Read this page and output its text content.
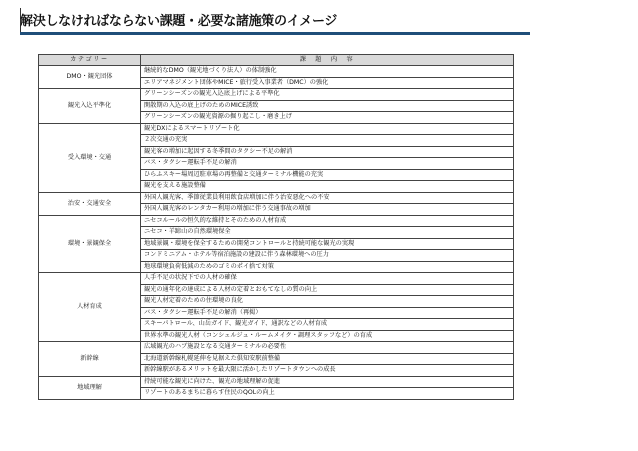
解決しなければならない課題・必要な諸施策のイメージ
カテゴリー	課　題　内　容
DMO・観光団体	継続的なDMO（観光地づくり法人）の体制強化
	エリアマネジメント団体やMICE・旅行受入事業者（DMC）の強化
観光入込平準化	グリーンシーズンの観光入込底上げによる平準化
	閑散期の入込の底上げのためのMICE誘致
	グリーンシーズンの観光資源の掘り起こし・磨き上げ
受入環境・交通	観光DXによるスマートリゾート化
	２次交通の充実
	観光客の増加に起因する冬季間のタクシー不足の解消
	バス・タクシー運転手不足の解消
	ひらふスキー場周辺駐車場の再整備と交通ターミナル機能の充実
	観光を支える施設整備
治安・交通安全	外国人観光客、季節従業員利用飲食店増加に伴う治安悪化への不安
	外国人観光客のレンタカー利用の増加に伴う交通事故の増加
環境・景観保全	ニセコルールの恒久的な維持とそのための人材育成
	ニセコ・羊蹄山の自然環境保全
	地域景観・環境を保全するための開発コントロールと持続可能な観光の実現
	コンドミニアム・ホテル等宿泊施設の建設に伴う森林環境への圧力
	地球環境負荷低減のためのゴミのポイ捨て対策
人材育成	人手不足の状況下での人材の確保
	観光の通年化の達成による人材の定着とおもてなしの質の向上
	観光人材定着のための住環境の良化
	バス・タクシー運転手不足の解消（再掲）
	スキーパトロール、山岳ガイド、観光ガイド、通訳などの人材育成
	世界水準の観光人材（コンシェルジュ・ルームメイク・調理スタッフなど）の育成
新幹線	広域観光のハブ施設となる交通ターミナルの必要性
	北海道新幹線札幌延伸を見据えた倶知安駅前整備
	新幹線駅があるメリットを最大限に活かしたリゾートタウンへの成長
地域理解	持続可能な観光に向けた、観光の地域理解の促進
	リゾートのあるまちに暮らす住民のQOLの向上
